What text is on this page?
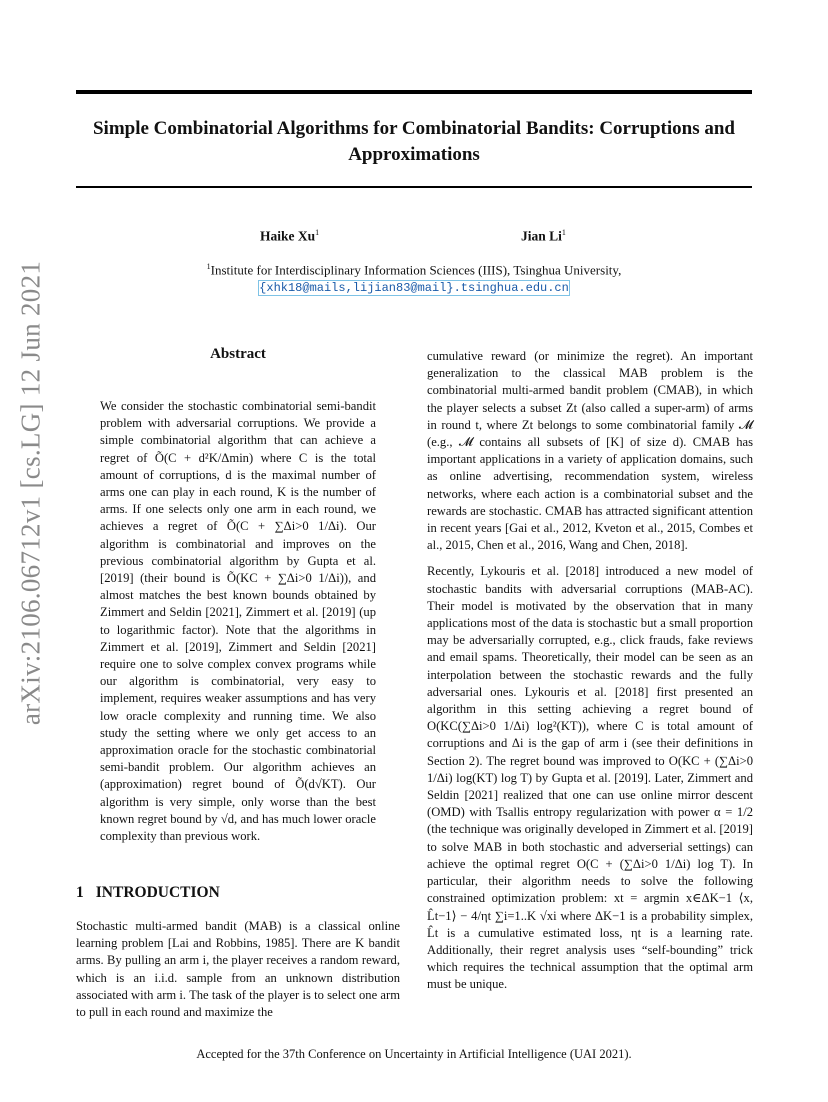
Simple Combinatorial Algorithms for Combinatorial Bandits: Corruptions and Approximations
Haike Xu$^1$	Jian Li$^1$
$^1$Institute for Interdisciplinary Information Sciences (IIIS), Tsinghua University,
{xhk18@mails,lijian83@mail}.tsinghua.edu.cn
arXiv:2106.06712v1 [cs.LG] 12 Jun 2021	Abstract

We consider the stochastic combinatorial semi-bandit problem with adversarial corruptions. We provide a simple combinatorial algorithm that can achieve a regret of Õ(C + d²K/Δmin) where C is the total amount of corruptions, d is the maximal number of arms one can play in each round, K is the number of arms. If one selects only one arm in each round, we achieves a regret of Õ(C + ∑Δi>0 1/Δi). Our algorithm is combinatorial and improves on the previous combinatorial algorithm by Gupta et al. [2019] (their bound is Õ(KC + ∑Δi>0 1/Δi)), and almost matches the best known bounds obtained by Zimmert and Seldin [2021], Zimmert et al. [2019] (up to logarithmic factor). Note that the algorithms in Zimmert et al. [2019], Zimmert and Seldin [2021] require one to solve complex convex programs while our algorithm is combinatorial, very easy to implement, requires weaker assumptions and has very low oracle complexity and running time. We also study the setting where we only get access to an approximation oracle for the stochastic combinatorial semi-bandit problem. Our algorithm achieves an (approximation) regret bound of Õ(d√KT). Our algorithm is very simple, only worse than the best known regret bound by √d, and has much lower oracle complexity than previous work.

1 INTRODUCTION

Stochastic multi-armed bandit (MAB) is a classical online learning problem [Lai and Robbins, 1985]. There are K bandit arms. By pulling an arm i, the player receives a random reward, which is an i.i.d. sample from an unknown distribution associated with arm i. The task of the player is to select one arm to pull in each round and maximize the

cumulative reward (or minimize the regret). An important generalization to the classical MAB problem is the combinatorial multi-armed bandit problem (CMAB), in which the player selects a subset Zt (also called a super-arm) of arms in round t, where Zt belongs to some combinatorial family 𝓜 (e.g., 𝓜 contains all subsets of [K] of size d). CMAB has important applications in a variety of application domains, such as online advertising, recommendation system, wireless networks, where each action is a combinatorial subset and the rewards are stochastic. CMAB has attracted significant attention in recent years [Gai et al., 2012, Kveton et al., 2015, Combes et al., 2015, Chen et al., 2016, Wang and Chen, 2018].

Recently, Lykouris et al. [2018] introduced a new model of stochastic bandits with adversarial corruptions (MAB-AC). Their model is motivated by the observation that in many applications most of the data is stochastic but a small proportion may be adversarially corrupted, e.g., click frauds, fake reviews and email spams. Theoretically, their model can be seen as an interpolation between the stochastic rewards and the fully adversarial ones. Lykouris et al. [2018] first presented an algorithm in this setting achieving a regret bound of O(KC(∑Δi>0 1/Δi) log²(KT)), where C is total amount of corruptions and Δi is the gap of arm i (see their definitions in Section 2). The regret bound was improved to O(KC + (∑Δi>0 1/Δi) log(KT) log T) by Gupta et al. [2019]. Later, Zimmert and Seldin [2021] realized that one can use online mirror descent (OMD) with Tsallis entropy regularization with power α = 1/2 (the technique was originally developed in Zimmert et al. [2019] to solve MAB in both stochastic and adverserial settings) can achieve the optimal regret O(C + (∑Δi>0 1/Δi) log T). In particular, their algorithm needs to solve the following constrained optimization problem: xt = argmin x∈ΔK−1 ⟨x, L̂t−1⟩ − 4/ηt ∑i=1..K √xi where ΔK−1 is a probability simplex, L̂t is a cumulative estimated loss, ηt is a learning rate. Additionally, their regret analysis uses “self-bounding” trick which requires the technical assumption that the optimal arm must be unique.

Accepted for the 37th Conference on Uncertainty in Artificial Intelligence (UAI 2021).
